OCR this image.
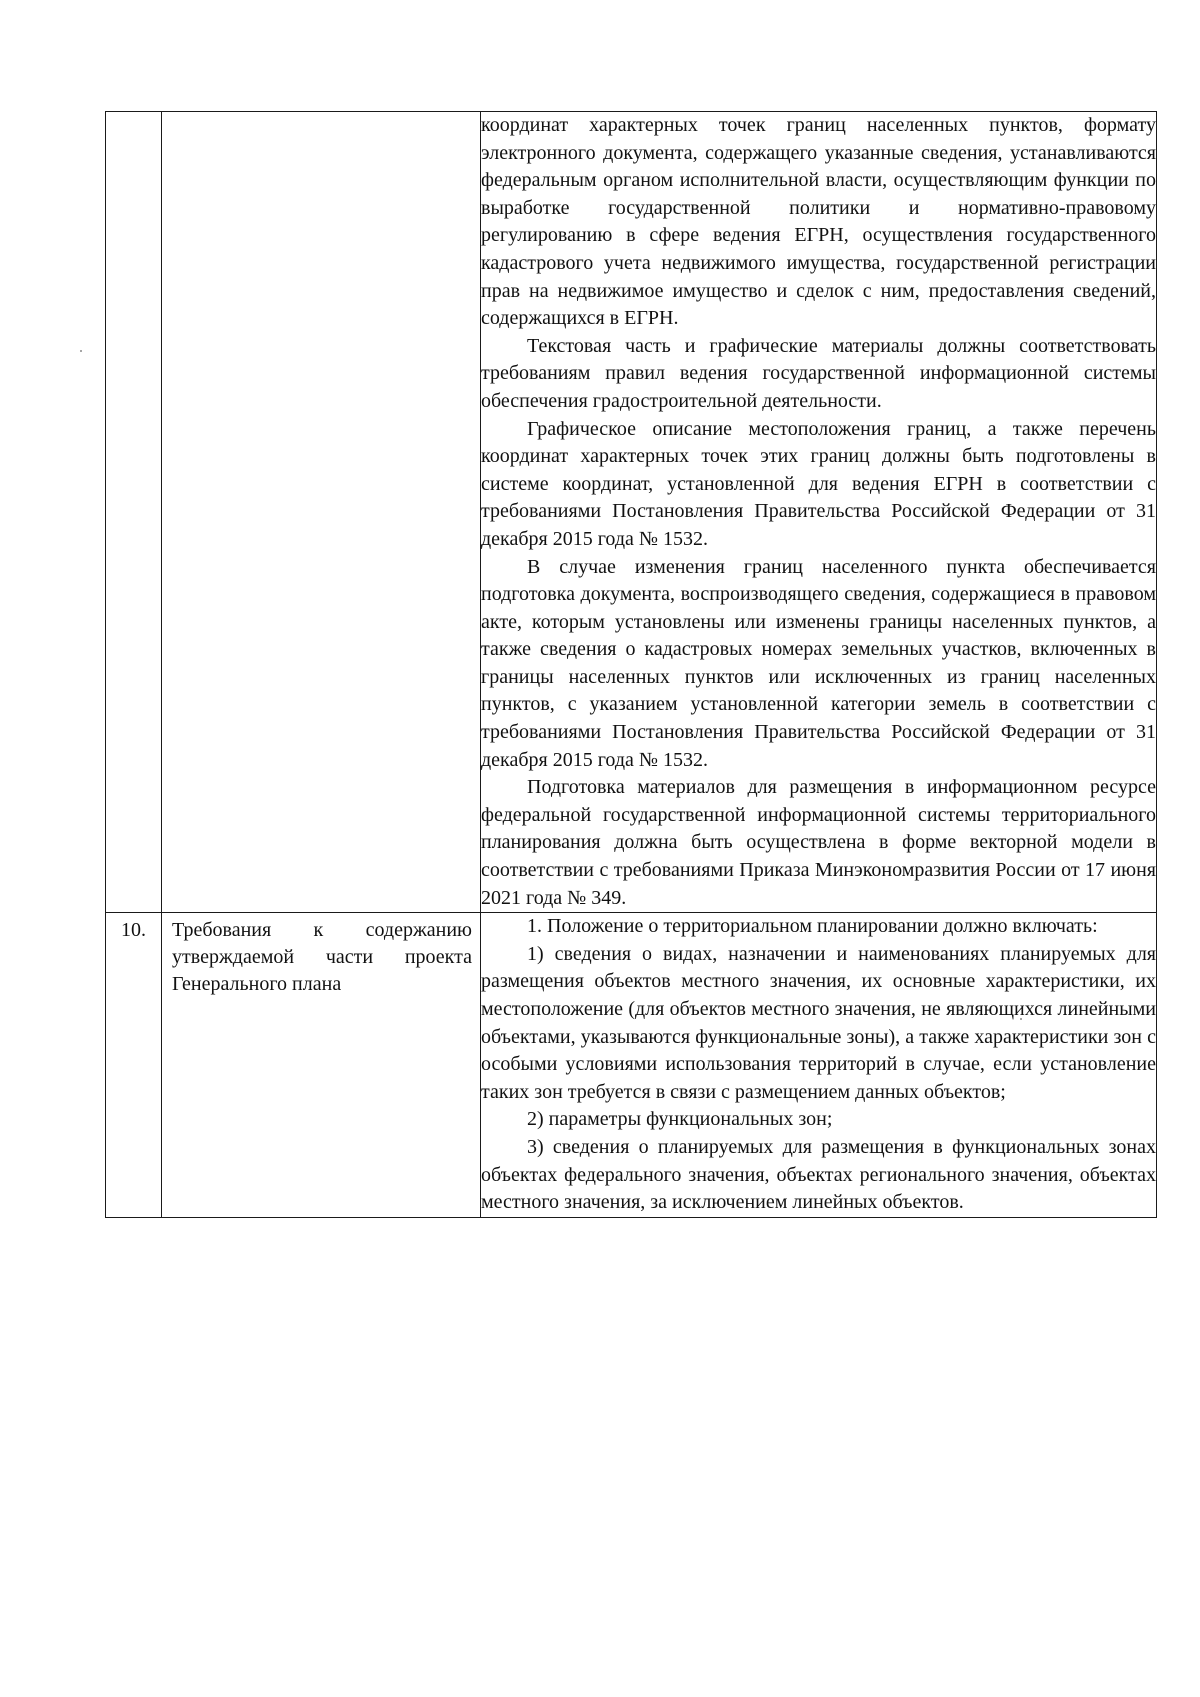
		координат характерных точек границ населенных пунктов, формату электронного документа, содержащего указанные сведения, устанавливаются федеральным органом исполнительной власти, осуществляющим функции по выработке государственной политики и нормативно-правовому регулированию в сфере ведения ЕГРН, осуществления государственного кадастрового учета недвижимого имущества, государственной регистрации прав на недвижимое имущество и сделок с ним, предоставления сведений, содержащихся в ЕГРН.

Текстовая часть и графические материалы должны соответствовать требованиям правил ведения государственной информационной системы обеспечения градостроительной деятельности.

Графическое описание местоположения границ, а также перечень координат характерных точек этих границ должны быть подготовлены в системе координат, установленной для ведения ЕГРН в соответствии с требованиями Постановления Правительства Российской Федерации от 31 декабря 2015 года № 1532.

В случае изменения границ населенного пункта обеспечивается подготовка документа, воспроизводящего сведения, содержащиеся в правовом акте, которым установлены или изменены границы населенных пунктов, а также сведения о кадастровых номерах земельных участков, включенных в границы населенных пунктов или исключенных из границ населенных пунктов, с указанием установленной категории земель в соответствии с требованиями Постановления Правительства Российской Федерации от 31 декабря 2015 года № 1532.

Подготовка материалов для размещения в информационном ресурсе федеральной государственной информационной системы территориального планирования должна быть осуществлена в форме векторной модели в соответствии с требованиями Приказа Минэкономразвития России от 17 июня 2021 года № 349.

10.	Требования к содержанию утверждаемой части проекта Генерального плана	1. Положение о территориальном планировании должно включать:

1) сведения о видах, назначении и наименованиях планируемых для размещения объектов местного значения, их основные характеристики, их местоположение (для объектов местного значения, не являющихся линейными объектами, указываются функциональные зоны), а также характеристики зон с особыми условиями использования территорий в случае, если установление таких зон требуется в связи с размещением данных объектов;

2) параметры функциональных зон;

3) сведения о планируемых для размещения в функциональных зонах объектах федерального значения, объектах регионального значения, объектах местного значения, за исключением линейных объектов.
